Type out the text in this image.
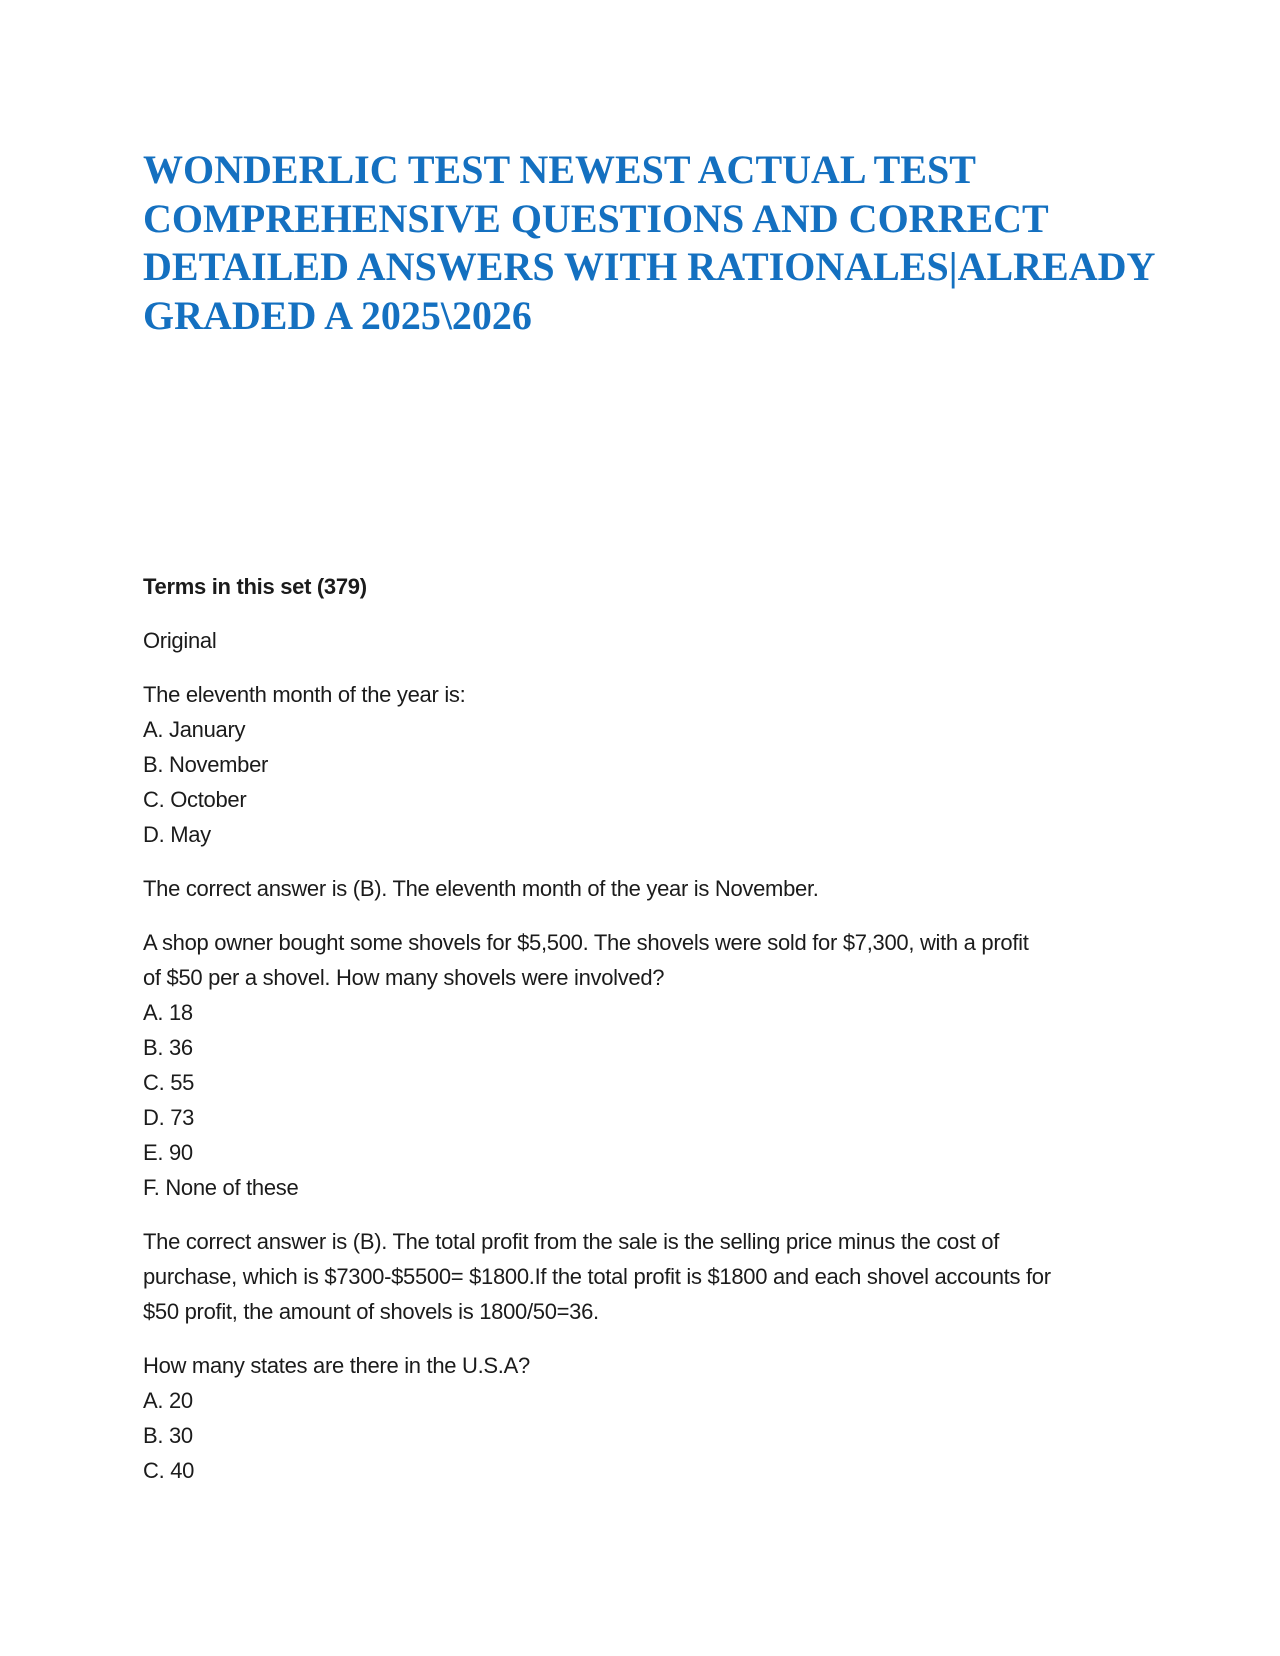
WONDERLIC TEST NEWEST ACTUAL TEST
COMPREHENSIVE QUESTIONS AND CORRECT
DETAILED ANSWERS WITH RATIONALES|ALREADY
GRADED A 2025\2026
Terms in this set (379)
Original
The eleventh month of the year is:
A. January
B. November
C. October
D. May
The correct answer is (B). The eleventh month of the year is November.
A shop owner bought some shovels for $5,500. The shovels were sold for $7,300, with a profit
of $50 per a shovel. How many shovels were involved?
A. 18
B. 36
C. 55
D. 73
E. 90
F. None of these
The correct answer is (B). The total profit from the sale is the selling price minus the cost of
purchase, which is $7300-$5500= $1800.If the total profit is $1800 and each shovel accounts for
$50 profit, the amount of shovels is 1800/50=36.
How many states are there in the U.S.A?
A. 20
B. 30
C. 40
